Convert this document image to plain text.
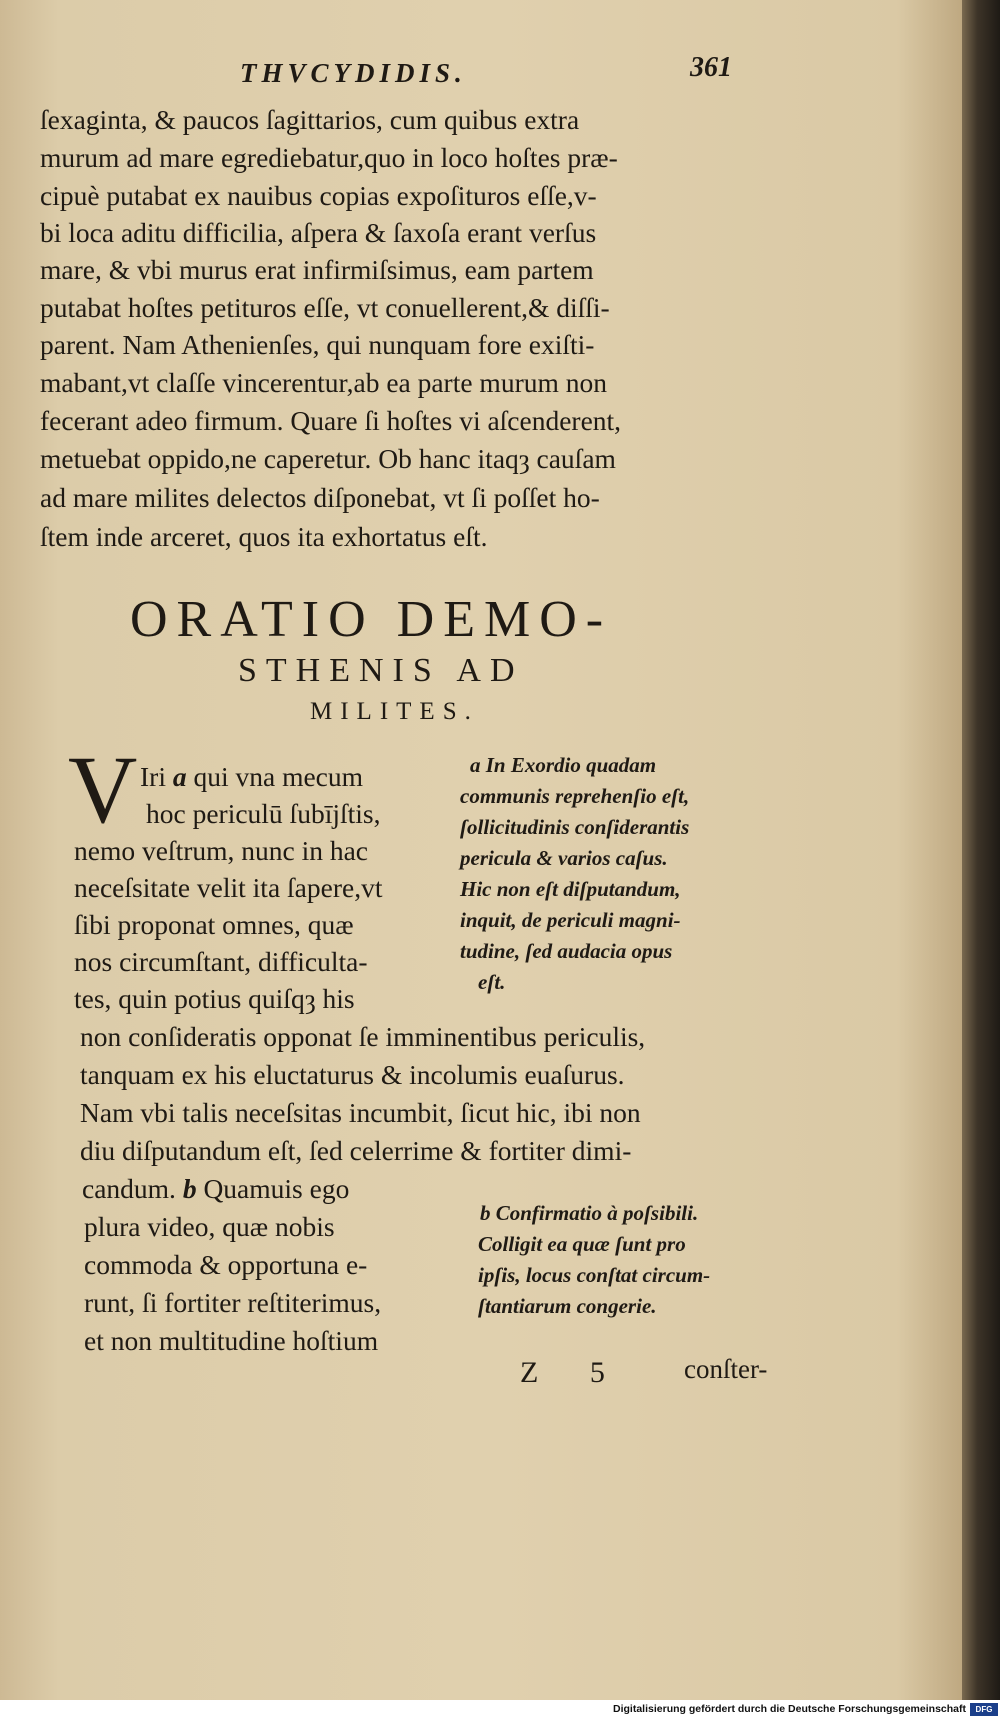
THVCYDIDIS.	361
ſexaginta, & paucos ſagittarios, cum quibus extra
murum ad mare egrediebatur,quo in loco hoſtes præ-
cipuè putabat ex nauibus copias expoſituros eſſe,v-
bi loca aditu difficilia, aſpera & ſaxoſa erant verſus
mare, & vbi murus erat infirmiſsimus, eam partem
putabat hoſtes petituros eſſe, vt conuellerent,& diſſi-
parent. Nam Athenienſes, qui nunquam fore exiſti-
mabant,vt claſſe vincerentur,ab ea parte murum non
fecerant adeo firmum. Quare ſi hoſtes vi aſcenderent,
metuebat oppido,ne caperetur. Ob hanc itaqȝ cauſam
ad mare milites delectos diſponebat, vt ſi poſſet ho-
ſtem inde arceret, quos ita exhortatus eſt.
ORATIO DEMO-
STHENIS AD
MILITES.
V Iri a qui vna mecum
hoc periculū ſubījſtis,
nemo veſtrum, nunc in hac
neceſsitate velit ita ſapere,vt
ſibi proponat omnes, quæ
nos circumſtant, difficulta-
tes, quin potius quiſqȝ his
non conſideratis opponat ſe imminentibus periculis,
tanquam ex his eluctaturus & incolumis euaſurus.
Nam vbi talis neceſsitas incumbit, ſicut hic, ibi non
diu diſputandum eſt, ſed celerrime & fortiter dimi-
candum. b Quamuis ego
plura video, quæ nobis
commoda & opportuna e-
runt, ſi fortiter reſtiterimus,
et non multitudine hoſtium
a In Exordio quadam
communis reprehenſio eſt,
ſollicitudinis conſiderantis
pericula & varios caſus.
Hic non eſt diſputandum,
inquit, de periculi magni-
tudine, ſed audacia opus
eſt.
b Confirmatio à poſsibili.
Colligit ea quæ ſunt pro
ipſis, locus conſtat circum-
ſtantiarum congerie.
Z 5 conſter-
Digitalisierung gefördert durch die Deutsche Forschungsgemeinschaft	DFG
